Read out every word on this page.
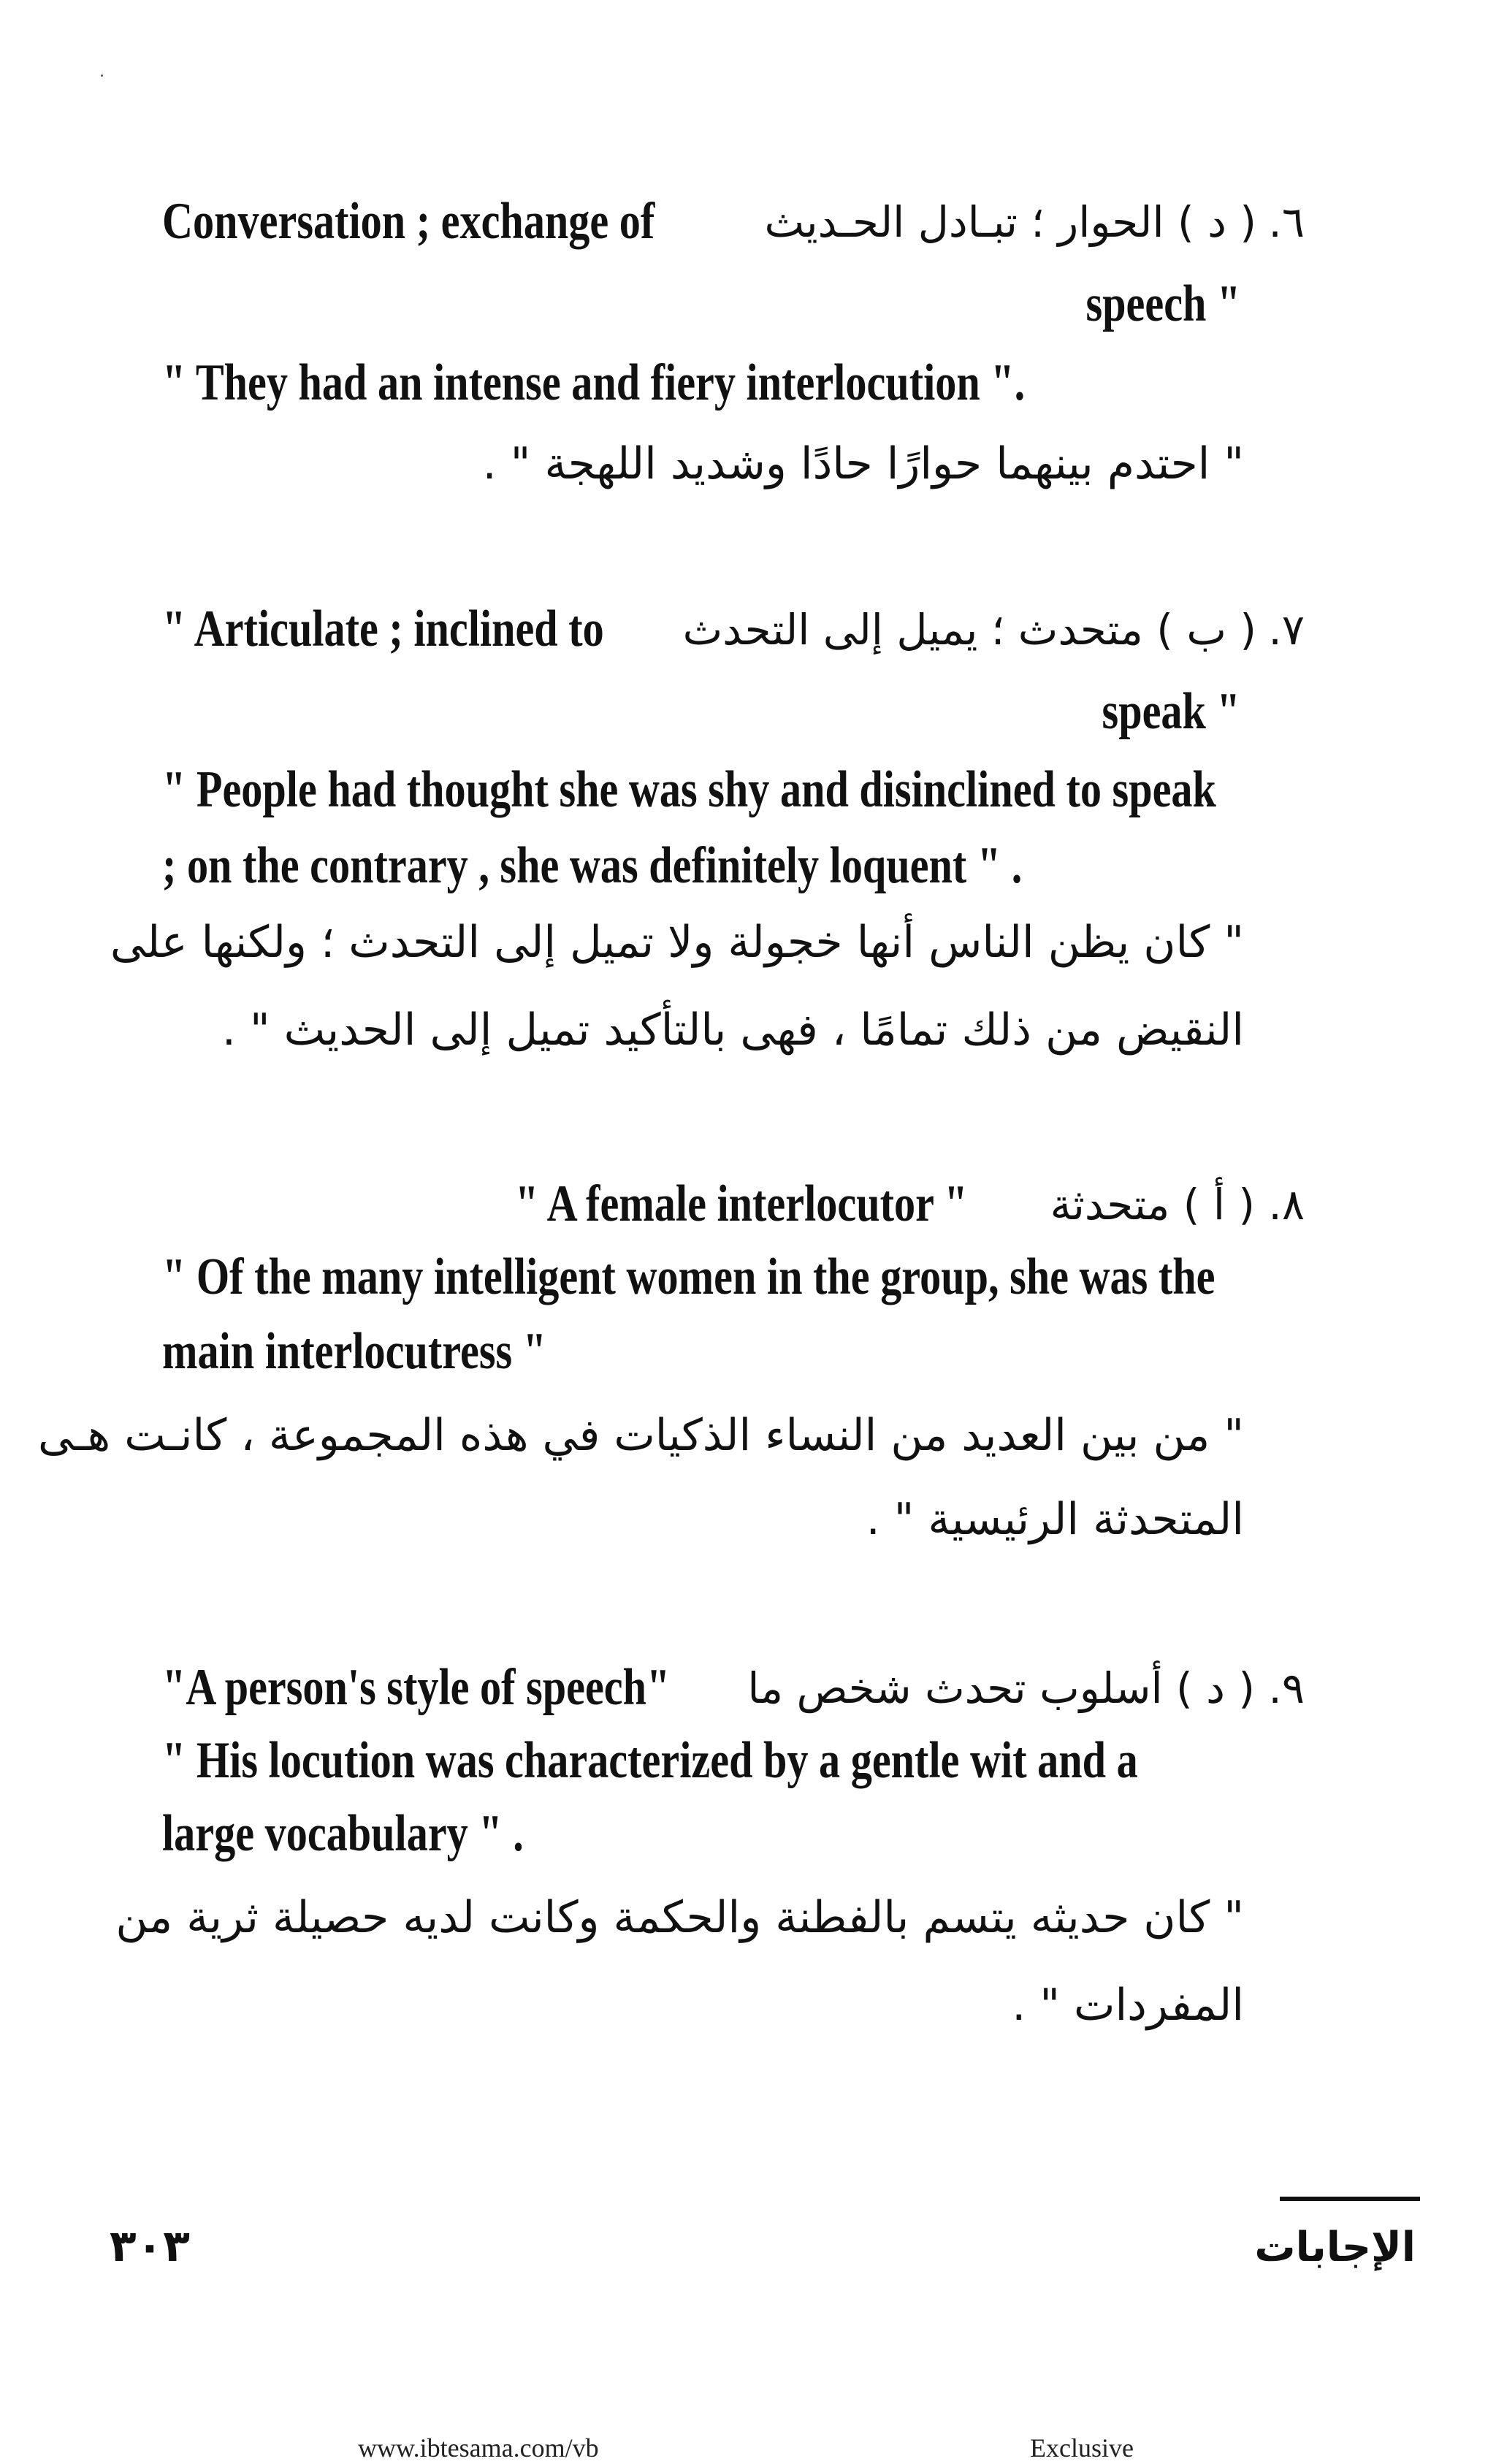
٦.
( د ) الحوار ؛ تبـادل الحـديث
Conversation ; exchange of
speech "
" They had an intense and fiery interlocution ".
" احتدم بينهما حوارًا حادًا وشديد اللهجة " .
٧.
( ب ) متحدث ؛ يميل إلى التحدث
" Articulate ; inclined to
speak "
" People had thought she was shy and disinclined to speak
; on the contrary , she was definitely loquent " .
" كان يظن الناس أنها خجولة ولا تميل إلى التحدث ؛ ولكنها على
النقيض من ذلك تمامًا ، فهى بالتأكيد تميل إلى الحديث " .
٨.
( أ ) متحدثة
" A female interlocutor "
" Of the many intelligent women in the group, she was the
main interlocutress "
" من بين العديد من النساء الذكيات في هذه المجموعة ، كانـت هـى
المتحدثة الرئيسية " .
٩.
( د ) أسلوب تحدث شخص ما
"A person's style of speech"
" His locution was characterized by a gentle wit and a
large vocabulary " .
" كان حديثه يتسم بالفطنة والحكمة وكانت لديه حصيلة ثرية من
المفردات " .
الإجابات
٣٠٣
www.ibtesama.com/vb	Exclusive
